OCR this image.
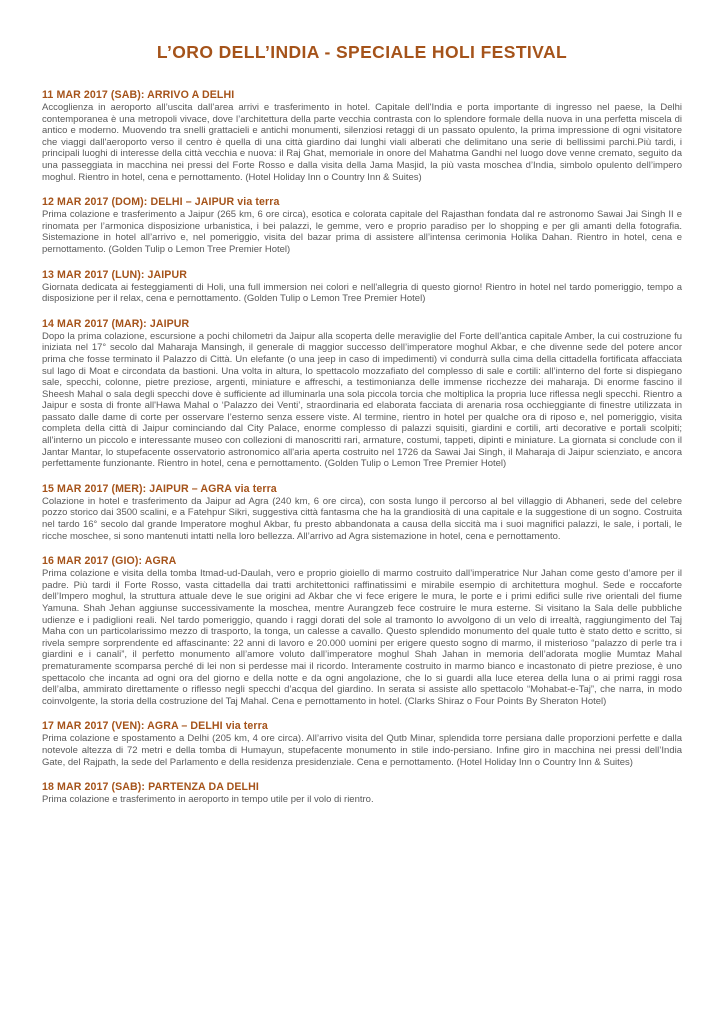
L’ORO DELL’INDIA - SPECIALE HOLI FESTIVAL
11 MAR 2017 (SAB): ARRIVO A DELHI

Accoglienza in aeroporto all’uscita dall’area arrivi e trasferimento in hotel. Capitale dell'India e porta importante di ingresso nel paese, la Delhi contemporanea è una metropoli vivace, dove l’architettura della parte vecchia contrasta con lo splendore formale della nuova in una perfetta miscela di antico e moderno. Muovendo tra snelli grattacieli e antichi monumenti, silenziosi retaggi di un passato opulento, la prima impressione di ogni visitatore che viaggi dall'aeroporto verso il centro è quella di una città giardino dai lunghi viali alberati che delimitano una serie di bellissimi parchi.Più tardi, i principali luoghi di interesse della città vecchia e nuova: il Raj Ghat, memoriale in onore del Mahatma Gandhi nel luogo dove venne cremato, seguito da una passeggiata in macchina nei pressi del Forte Rosso e dalla visita della Jama Masjid, la più vasta moschea d’India, simbolo opulento dell’impero moghul. Rientro in hotel, cena e pernottamento. (Hotel Holiday Inn o Country Inn & Suites)

12 MAR 2017 (DOM): DELHI – JAIPUR via terra

Prima colazione e trasferimento a Jaipur (265 km, 6 ore circa), esotica e colorata capitale del Rajasthan fondata dal re astronomo Sawai Jai Singh II e rinomata per l’armonica disposizione urbanistica, i bei palazzi, le gemme, vero e proprio paradiso per lo shopping e per gli amanti della fotografia. Sistemazione in hotel all’arrivo e, nel pomeriggio, visita del bazar prima di assistere all’intensa cerimonia Holika Dahan. Rientro in hotel, cena e pernottamento. (Golden Tulip o Lemon Tree Premier Hotel)

13 MAR 2017 (LUN): JAIPUR

Giornata dedicata ai festeggiamenti di Holi, una full immersion nei colori e nell'allegria di questo giorno! Rientro in hotel nel tardo pomeriggio, tempo a disposizione per il relax, cena e pernottamento. (Golden Tulip o Lemon Tree Premier Hotel)

14 MAR 2017 (MAR): JAIPUR

Dopo la prima colazione, escursione a pochi chilometri da Jaipur alla scoperta delle meraviglie del Forte dell’antica capitale Amber, la cui costruzione fu iniziata nel 17° secolo dal Maharaja Mansingh, il generale di maggior successo dell’imperatore moghul Akbar, e che divenne sede del potere ancor prima che fosse terminato il Palazzo di Città. Un elefante (o una jeep in caso di impedimenti) vi condurrà sulla cima della cittadella fortificata affacciata sul lago di Moat e circondata da bastioni. Una volta in altura, lo spettacolo mozzafiato del complesso di sale e cortili: all’interno del forte si dispiegano sale, specchi, colonne, pietre preziose, argenti, miniature e affreschi, a testimonianza delle immense ricchezze dei maharaja. Di enorme fascino il Sheesh Mahal o sala degli specchi dove è sufficiente ad illuminarla una sola piccola torcia che moltiplica la propria luce riflessa negli specchi. Rientro a Jaipur e sosta di fronte all'Hawa Mahal o ‘Palazzo dei Venti’, straordinaria ed elaborata facciata di arenaria rosa occhieggiante di finestre utilizzata in passato dalle dame di corte per osservare l’esterno senza essere viste. Al termine, rientro in hotel per qualche ora di riposo e, nel pomeriggio, visita completa della città di Jaipur cominciando dal City Palace, enorme complesso di palazzi squisiti, giardini e cortili, arti decorative e portali scolpiti; all’interno un piccolo e interessante museo con collezioni di manoscritti rari, armature, costumi, tappeti, dipinti e miniature. La giornata si conclude con il Jantar Mantar, lo stupefacente osservatorio astronomico all'aria aperta costruito nel 1726 da Sawai Jai Singh, il Maharaja di Jaipur scienziato, e ancora perfettamente funzionante. Rientro in hotel, cena e pernottamento. (Golden Tulip o Lemon Tree Premier Hotel)

15 MAR 2017 (MER): JAIPUR – AGRA via terra

Colazione in hotel e trasferimento da Jaipur ad Agra (240 km, 6 ore circa), con sosta lungo il percorso al bel villaggio di Abhaneri, sede del celebre pozzo storico dai 3500 scalini, e a Fatehpur Sikri, suggestiva città fantasma che ha la grandiosità di una capitale e la suggestione di un sogno. Costruita nel tardo 16° secolo dal grande Imperatore moghul Akbar, fu presto abbandonata a causa della siccità ma i suoi magnifici palazzi, le sale, i portali, le ricche moschee, si sono mantenuti intatti nella loro bellezza. All’arrivo ad Agra sistemazione in hotel, cena e pernottamento.

16 MAR 2017 (GIO): AGRA

Prima colazione e visita della tomba Itmad-ud-Daulah, vero e proprio gioiello di marmo costruito dall’imperatrice Nur Jahan come gesto d’amore per il padre. Più tardi il Forte Rosso, vasta cittadella dai tratti architettonici raffinatissimi e mirabile esempio di architettura moghul. Sede e roccaforte dell’Impero moghul, la struttura attuale deve le sue origini ad Akbar che vi fece erigere le mura, le porte e i primi edifici sulle rive orientali del fiume Yamuna. Shah Jehan aggiunse successivamente la moschea, mentre Aurangzeb fece costruire le mura esterne. Si visitano la Sala delle pubbliche udienze e i padiglioni reali. Nel tardo pomeriggio, quando i raggi dorati del sole al tramonto lo avvolgono di un velo di irrealtà, raggiungimento del Taj Maha con un particolarissimo mezzo di trasporto, la tonga, un calesse a cavallo. Questo splendido monumento del quale tutto è stato detto e scritto, si rivela sempre sorprendente ed affascinante: 22 anni di lavoro e 20.000 uomini per erigere questo sogno di marmo, il misterioso “palazzo di perle tra i giardini e i canali”, il perfetto monumento all’amore voluto dall’imperatore moghul Shah Jahan in memoria dell’adorata moglie Mumtaz Mahal prematuramente scomparsa perché di lei non si perdesse mai il ricordo. Interamente costruito in marmo bianco e incastonato di pietre preziose, è uno spettacolo che incanta ad ogni ora del giorno e della notte e da ogni angolazione, che lo si guardi alla luce eterea della luna o ai primi raggi rosa dell’alba, ammirato direttamente o riflesso negli specchi d’acqua del giardino. In serata si assiste allo spettacolo “Mohabat-e-Taj”, che narra, in modo coinvolgente, la storia della costruzione del Taj Mahal. Cena e pernottamento in hotel. (Clarks Shiraz o Four Points By Sheraton Hotel)

17 MAR 2017 (VEN): AGRA – DELHI via terra

Prima colazione e spostamento a Delhi (205 km, 4 ore circa). All’arrivo visita del Qutb Minar, splendida torre persiana dalle proporzioni perfette e dalla notevole altezza di 72 metri e della tomba di Humayun, stupefacente monumento in stile indo-persiano. Infine giro in macchina nei pressi dell’India Gate, del Rajpath, la sede del Parlamento e della residenza presidenziale. Cena e pernottamento. (Hotel Holiday Inn o Country Inn & Suites)

18 MAR 2017 (SAB): PARTENZA DA DELHI

Prima colazione e trasferimento in aeroporto in tempo utile per il volo di rientro.
